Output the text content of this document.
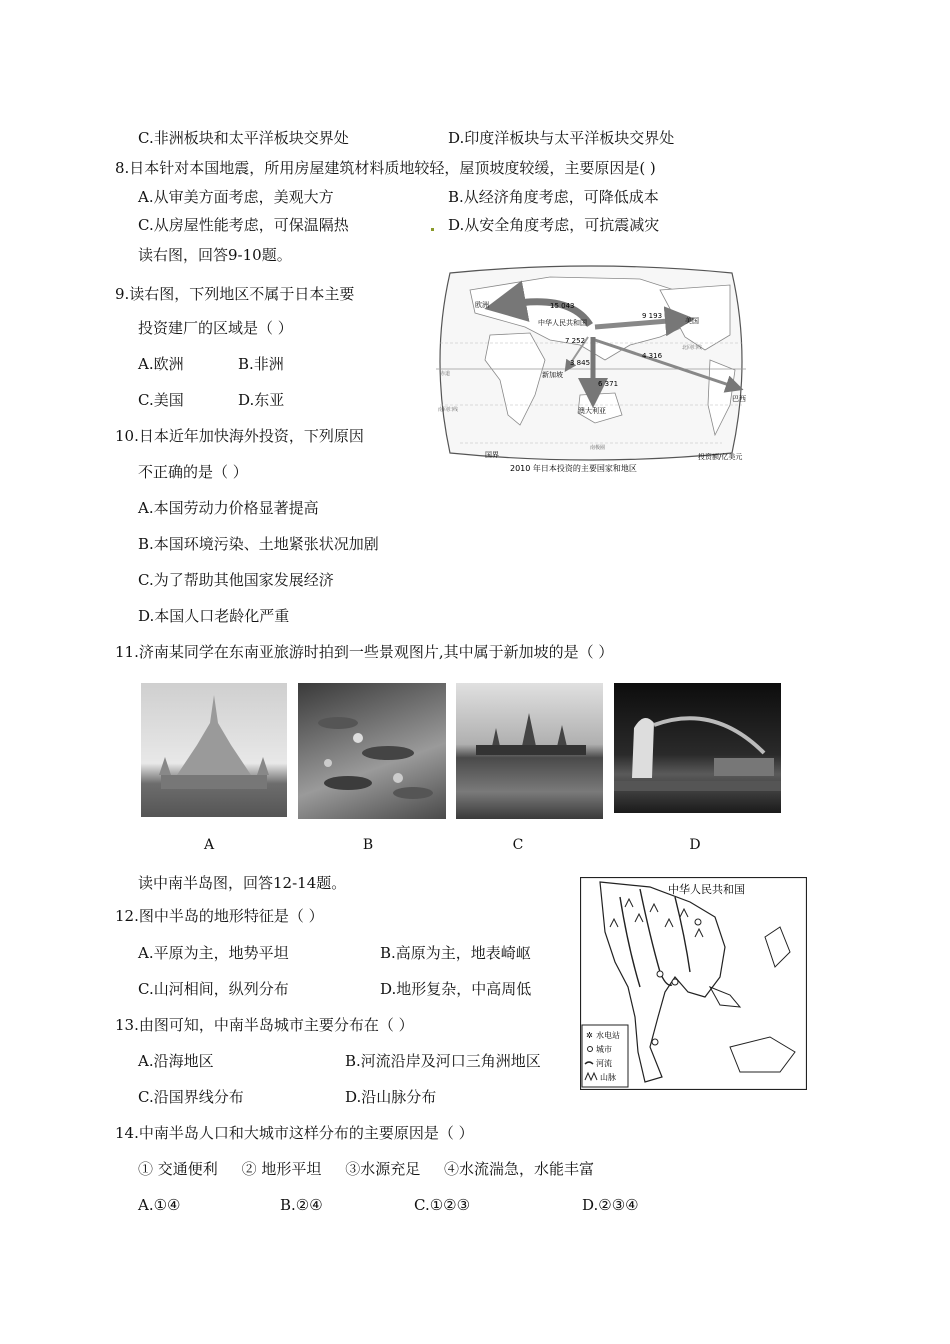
C.非洲板块和太平洋板块交界处	D.印度洋板块与太平洋板块交界处
8.日本针对本国地震，所用房屋建筑材料质地较轻，屋顶坡度较缓，主要原因是( )
A.从审美方面考虑，美观大方	B.从经济角度考虑，可降低成本
C.从房屋性能考虑，可保温隔热	D.从安全角度考虑，可抗震减灾
读右图，回答9-10题。
9.读右图，下列地区不属于日本主要
投资建厂的区域是（ ）
A.欧洲	B.非洲
C.美国	D.东亚
10.日本近年加快海外投资，下列原因
不正确的是（ ）
A.本国劳动力价格显著提高
B.本国环境污染、土地紧张状况加剧
C.为了帮助其他国家发展经济
D.本国人口老龄化严重
欧洲
中华人民共和国	美国
巴西
新加坡
澳大利亚
赤道
北回归线
南回归线
南极圈
15 043
9 193
4 316
7 252
3 845
6 371
国界	投资额/亿美元
2010 年日本投资的主要国家和地区
11.济南某同学在东南亚旅游时拍到一些景观图片,其中属于新加坡的是（ ）
A	B	C	D
读中南半岛图，回答12-14题。
12.图中半岛的地形特征是（ ）
A.平原为主，地势平坦	B.高原为主，地表崎岖
C.山河相间，纵列分布	D.地形复杂，中高周低
13.由图可知，中南半岛城市主要分布在（ ）
A.沿海地区	B.河流沿岸及河口三角洲地区
C.沿国界线分布	D.沿山脉分布
14.中南半岛人口和大城市这样分布的主要原因是（ ）
① 交通便利     ② 地形平坦     ③水源充足     ④水流湍急，水能丰富
A.①④	B.②④	C.①②③	D.②③④
中华人民共和国
✲ 水电站
城市
河流
山脉
